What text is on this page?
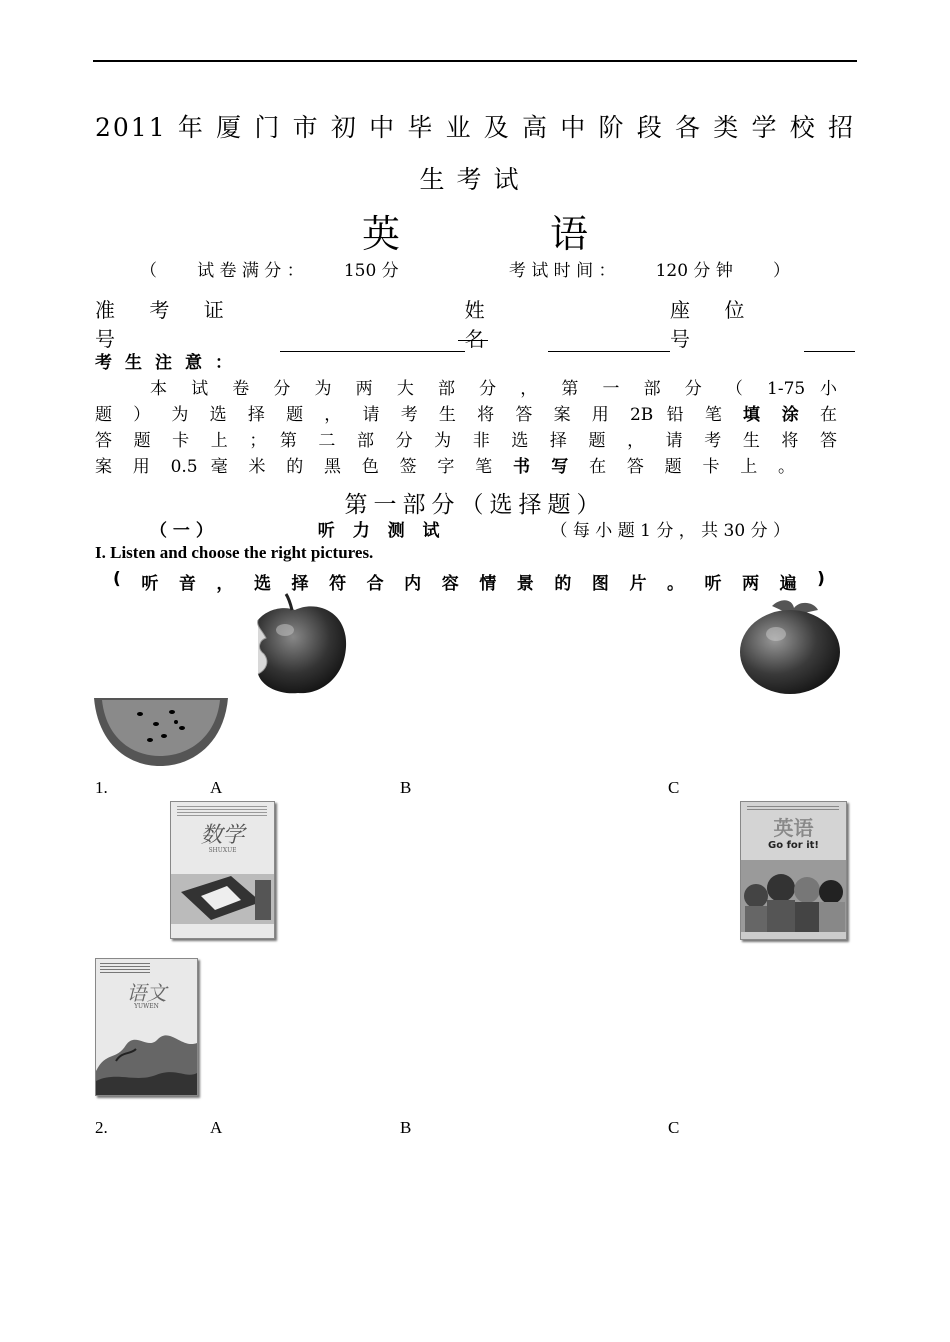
2011年厦门市初中毕业及高中阶段各类学校招
生考试
英	语
（ 试 卷 满 分 ： 150 分	考 试 时 间 ： 120 分 钟 ）
准 考 证 号
姓 名
座 位 号
考生注意：
本 试 卷 分 为 两 大 部 分 ， 第 一 部 分 （ 1-75 小
题 ） 为 选 择 题 ， 请 考 生 将 答 案 用 2B 铅 笔 填 涂 在
答 题 卡 上 ； 第 二 部 分 为 非 选 择 题 ， 请 考 生 将 答
案 用 0.5 毫 米 的 黑 色 签 字 笔 书 写 在 答 题 卡 上 。
第一部分（选择题）
（ 一 ）	听 力 测 试	（ 每 小 题 1 分 ， 共 30 分 ）
I. Listen and choose the right pictures.
( 听 音 ， 选 择 符 合 内 容 情 景 的 图 片 。 听 两 遍 )
1.	A	B	C
数学
SHUXUE
英语
Go for it!
语文
YUWEN
2.	A	B	C
